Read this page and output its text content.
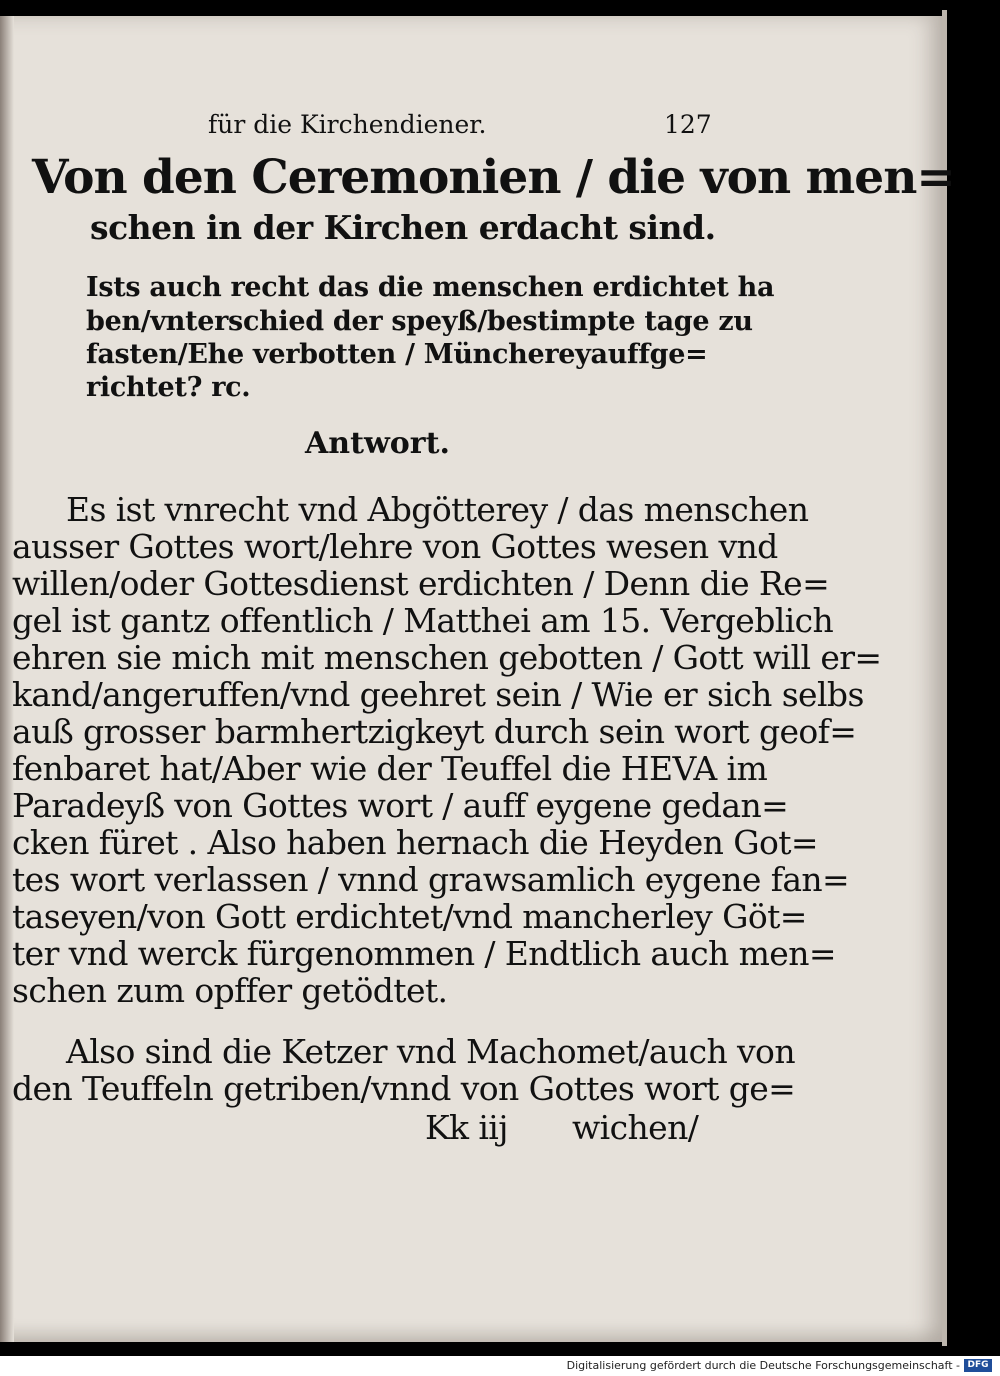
für die Kirchendiener.	127
Von den Ceremonien / die von men=
schen in der Kirchen erdacht sind.
Ists auch recht das die menschen erdichtet ha
ben/vnterschied der speyß/bestimpte tage zu
fasten/Ehe verbotten / Münchereyauffge=
richtet? rc.
Antwort.
Es ist vnrecht vnd Abgötterey / das menschen
ausser Gottes wort/lehre von Gottes wesen vnd
willen/oder Gottesdienst erdichten / Denn die Re=
gel ist gantz offentlich / Matthei am 15. Vergeblich
ehren sie mich mit menschen gebotten / Gott will er=
kand/angeruffen/vnd geehret sein / Wie er sich selbs
auß grosser barmhertzigkeyt durch sein wort geof=
fenbaret hat/Aber wie der Teuffel die HEVA im
Paradeyß von Gottes wort / auff eygene gedan=
cken füret . Also haben hernach die Heyden Got=
tes wort verlassen / vnnd grawsamlich eygene fan=
taseyen/von Gott erdichtet/vnd mancherley Göt=
ter vnd werck fürgenommen / Endtlich auch men=
schen zum opffer getödtet.
Also sind die Ketzer vnd Machomet/auch von
den Teuffeln getriben/vnnd von Gottes wort ge=
Kk iij wichen/
Digitalisierung gefördert durch die Deutsche Forschungsgemeinschaft - DFG
